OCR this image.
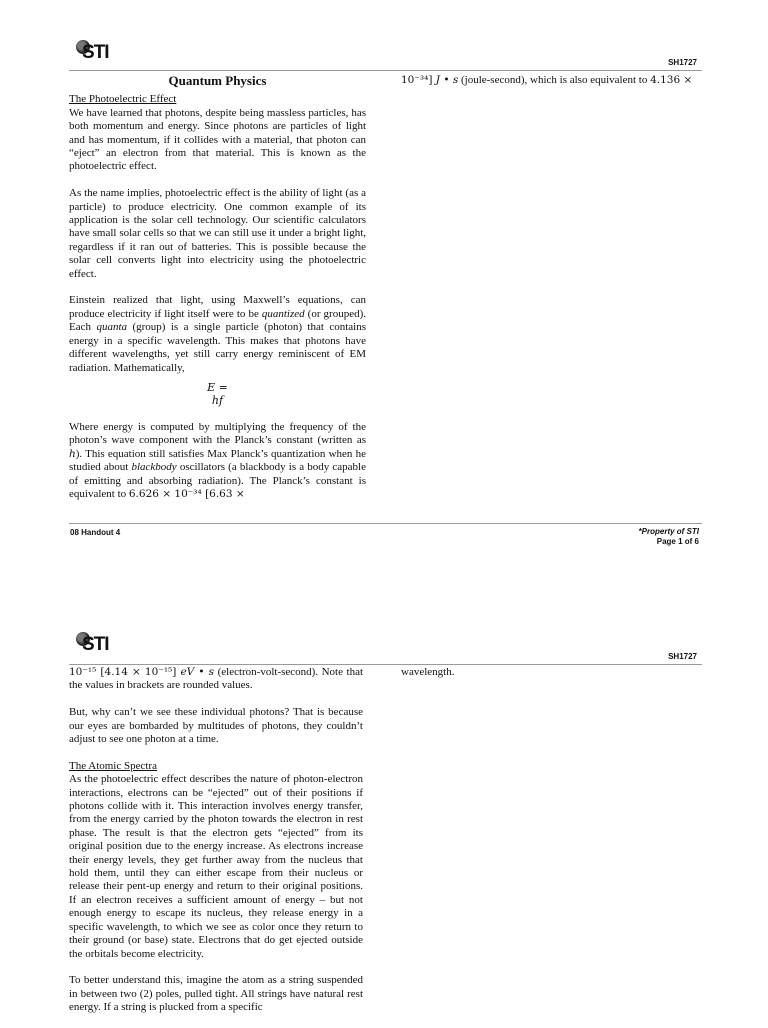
STI	SH1727
Quantum Physics

The Photoelectric Effect
We have learned that photons, despite being massless particles, has both momentum and energy. Since photons are particles of light and has momentum, if it collides with a material, that photon can “eject” an electron from that material. This is known as the photoelectric effect.

As the name implies, photoelectric effect is the ability of light (as a particle) to produce electricity. One common example of its application is the solar cell technology. Our scientific calculators have small solar cells so that we can still use it under a bright light, regardless if it ran out of batteries. This is possible because the solar cell converts light into electricity using the photoelectric effect.

Einstein realized that light, using Maxwell’s equations, can produce electricity if light itself were to be quantized (or grouped). Each quanta (group) is a single particle (photon) that contains energy in a specific wavelength. This makes that photons have different wavelengths, yet still carry energy reminiscent of EM radiation. Mathematically,

E =
hf

Where energy is computed by multiplying the frequency of the photon’s wave component with the Planck’s constant (written as h). This equation still satisfies Max Planck’s quantization when he studied about blackbody oscillators (a blackbody is a body capable of emitting and absorbing radiation). The Planck’s constant is equivalent to 6.626 × 10⁻³⁴ [6.63 ×

10⁻³⁴] J • s (joule-second), which is also equivalent to 4.136 ×

08 Handout 4	*Property of STI
Page 1 of 6
STI
SH1727

10⁻¹⁵ [4.14 × 10⁻¹⁵] eV • s (electron-volt-second). Note that the values in brackets are rounded values.

But, why can’t we see these individual photons? That is because our eyes are bombarded by multitudes of photons, they couldn’t adjust to see one photon at a time.

The Atomic Spectra
As the photoelectric effect describes the nature of photon-electron interactions, electrons can be “ejected” out of their positions if photons collide with it. This interaction involves energy transfer, from the energy carried by the photon towards the electron in rest phase. The result is that the electron gets “ejected” from its original position due to the energy increase. As electrons increase their energy levels, they get further away from the nucleus that hold them, until they can either escape from their nucleus or release their pent-up energy and return to their original positions. If an electron receives a sufficient amount of energy – but not enough energy to escape its nucleus, they release energy in a specific wavelength, to which we see as color once they return to their ground (or base) state. Electrons that do get ejected outside the orbitals become electricity.

To better understand this, imagine the atom as a string suspended in between two (2) poles, pulled tight. All strings have natural rest energy. If a string is plucked from a specific

wavelength.
